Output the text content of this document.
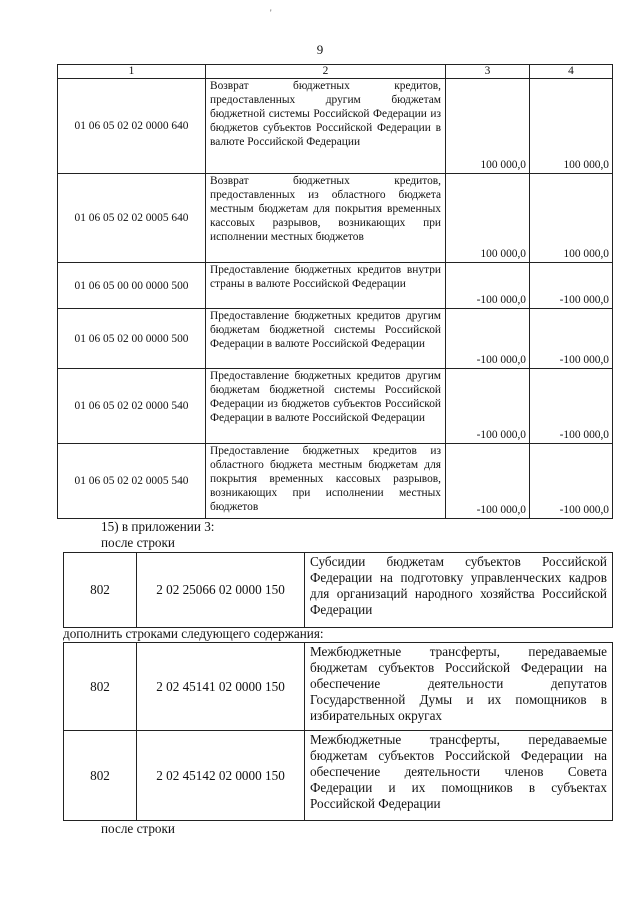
'
9
1	2	3	4
01 06 05 02 02 0000 640	Возврат бюджетных кредитов, предоставленных другим бюджетам бюджетной системы Российской Федерации из бюджетов субъектов Российской Федерации в валюте Российской Федерации	100 000,0	100 000,0
01 06 05 02 02 0005 640	Возврат бюджетных кредитов, предоставленных из областного бюджета местным бюджетам для покрытия временных кассовых разрывов, возникающих при исполнении местных бюджетов	100 000,0	100 000,0
01 06 05 00 00 0000 500	Предоставление бюджетных кредитов внутри страны в валюте Российской Федерации	-100 000,0	-100 000,0
01 06 05 02 00 0000 500	Предоставление бюджетных кредитов другим бюджетам бюджетной системы Российской Федерации в валюте Российской Федерации	-100 000,0	-100 000,0
01 06 05 02 02 0000 540	Предоставление бюджетных кредитов другим бюджетам бюджетной системы Российской Федерации из бюджетов субъектов Российской Федерации в валюте Российской Федерации	-100 000,0	-100 000,0
01 06 05 02 02 0005 540	Предоставление бюджетных кредитов из областного бюджета местным бюджетам для покрытия временных кассовых разрывов, возникающих при исполнении местных бюджетов	-100 000,0	-100 000,0
15) в приложении 3:
после строки
802	2 02 25066 02 0000 150	Субсидии бюджетам субъектов Российской Федерации на подготовку управленческих кадров для организаций народного хозяйства Российской Федерации
дополнить строками следующего содержания:
802	2 02 45141 02 0000 150	Межбюджетные трансферты, передаваемые бюджетам субъектов Российской Федерации на обеспечение деятельности депутатов Государственной Думы и их помощников в избирательных округах
802	2 02 45142 02 0000 150	Межбюджетные трансферты, передаваемые бюджетам субъектов Российской Федерации на обеспечение деятельности членов Совета Федерации и их помощников в субъектах Российской Федерации
после строки
